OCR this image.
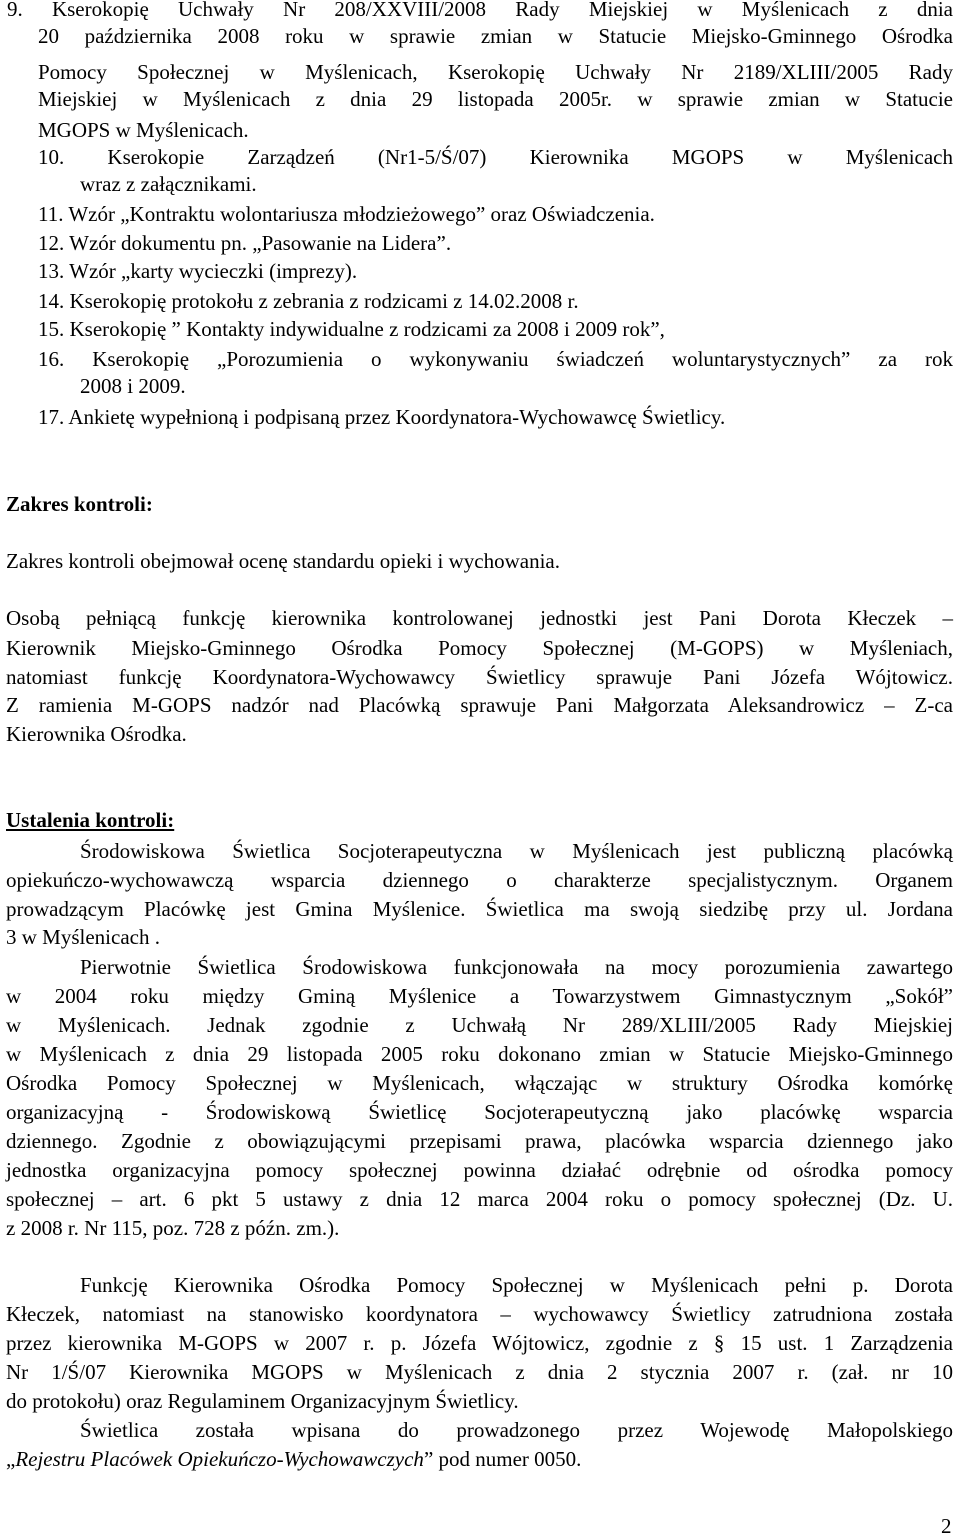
9. Kserokopię Uchwały Nr 208/XXVIII/2008 Rady Miejskiej w Myślenicach z dnia
20 października 2008 roku w sprawie zmian w Statucie Miejsko-Gminnego Ośrodka
Pomocy Społecznej w Myślenicach, Kserokopię Uchwały Nr 2189/XLIII/2005 Rady
Miejskiej w Myślenicach z dnia 29 listopada 2005r. w sprawie zmian w Statucie
MGOPS w Myślenicach.
10. Kserokopie Zarządzeń (Nr1-5/Ś/07) Kierownika MGOPS w Myślenicach
wraz z załącznikami.
11. Wzór „Kontraktu wolontariusza młodzieżowego” oraz Oświadczenia.
12. Wzór dokumentu pn. „Pasowanie na Lidera”.
13. Wzór „karty wycieczki (imprezy).
14. Kserokopię protokołu z zebrania z rodzicami z 14.02.2008 r.
15. Kserokopię ” Kontakty indywidualne z rodzicami za 2008 i 2009 rok”,
16. Kserokopię „Porozumienia o wykonywaniu świadczeń woluntarystycznych” za rok
2008 i 2009.
17. Ankietę wypełnioną i podpisaną przez Koordynatora-Wychowawcę Świetlicy.
Zakres kontroli:
Zakres kontroli obejmował ocenę standardu opieki i wychowania.
Osobą pełniącą funkcję kierownika kontrolowanej jednostki jest Pani Dorota Kłeczek –
Kierownik Miejsko-Gminnego Ośrodka Pomocy Społecznej (M-GOPS) w Myśleniach,
natomiast funkcję Koordynatora-Wychowawcy Świetlicy sprawuje Pani Józefa Wójtowicz.
Z ramienia M-GOPS nadzór nad Placówką sprawuje Pani Małgorzata Aleksandrowicz – Z-ca
Kierownika Ośrodka.
Ustalenia kontroli:
Środowiskowa Świetlica Socjoterapeutyczna w Myślenicach jest publiczną placówką
opiekuńczo-wychowawczą wsparcia dziennego o charakterze specjalistycznym. Organem
prowadzącym Placówkę jest Gmina Myślenice. Świetlica ma swoją siedzibę przy ul. Jordana
3 w Myślenicach .
Pierwotnie Świetlica Środowiskowa funkcjonowała na mocy porozumienia zawartego
w 2004 roku między Gminą Myślenice a Towarzystwem Gimnastycznym „Sokół”
w Myślenicach. Jednak zgodnie z Uchwałą Nr 289/XLIII/2005 Rady Miejskiej
w Myślenicach z dnia 29 listopada 2005 roku dokonano zmian w Statucie Miejsko-Gminnego
Ośrodka Pomocy Społecznej w Myślenicach, włączając w struktury Ośrodka komórkę
organizacyjną - Środowiskową Świetlicę Socjoterapeutyczną jako placówkę wsparcia
dziennego. Zgodnie z obowiązującymi przepisami prawa, placówka wsparcia dziennego jako
jednostka organizacyjna pomocy społecznej powinna działać odrębnie od ośrodka pomocy
społecznej – art. 6 pkt 5 ustawy z dnia 12 marca 2004 roku o pomocy społecznej (Dz. U.
z 2008 r. Nr 115, poz. 728 z późn. zm.).
Funkcję Kierownika Ośrodka Pomocy Społecznej w Myślenicach pełni p. Dorota
Kłeczek, natomiast na stanowisko koordynatora – wychowawcy Świetlicy zatrudniona została
przez kierownika M-GOPS w 2007 r. p. Józefa Wójtowicz, zgodnie z § 15 ust. 1 Zarządzenia
Nr 1/Ś/07 Kierownika MGOPS w Myślenicach z dnia 2 stycznia 2007 r. (zał. nr 10
do protokołu) oraz Regulaminem Organizacyjnym Świetlicy.
Świetlica została wpisana do prowadzonego przez Wojewodę Małopolskiego
„Rejestru Placówek Opiekuńczo-Wychowawczych” pod numer 0050.
2
